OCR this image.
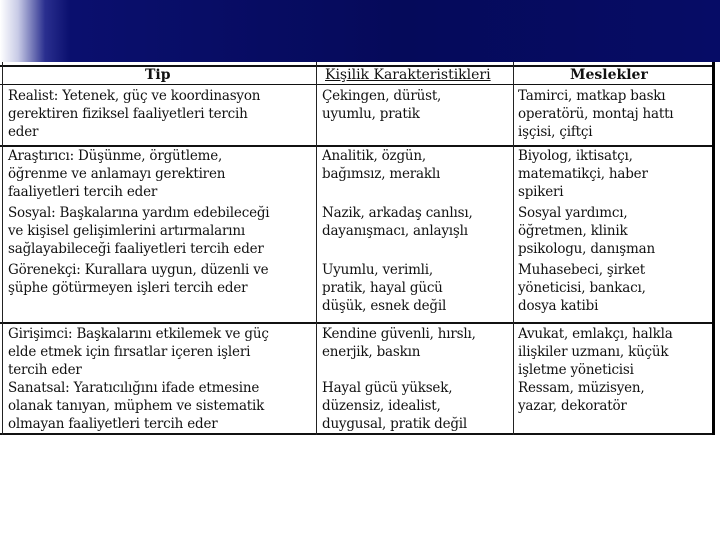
Tip	Kişilik Karakteristikleri	Meslekler
Realist: Yetenek, güç ve koordinasyon
gerektiren fiziksel faaliyetleri tercih
eder
Çekingen, dürüst,
uyumlu, pratik
Tamirci, matkap baskı
operatörü, montaj hattı
işçisi, çiftçi
Araştırıcı: Düşünme, örgütleme,
öğrenme ve anlamayı gerektiren
faaliyetleri tercih eder
Analitik, özgün,
bağımsız, meraklı
Biyolog, iktisatçı,
matematikçi, haber
spikeri
Sosyal: Başkalarına yardım edebileceği
ve kişisel gelişimlerini artırmalarını
sağlayabileceği faaliyetleri tercih eder
Nazik, arkadaş canlısı,
dayanışmacı, anlayışlı
Sosyal yardımcı,
öğretmen, klinik
psikologu, danışman
Görenekçi: Kurallara uygun, düzenli ve
şüphe götürmeyen işleri tercih eder
Uyumlu, verimli,
pratik, hayal gücü
düşük, esnek değil
Muhasebeci, şirket
yöneticisi, bankacı,
dosya katibi
Girişimci: Başkalarını etkilemek ve güç
elde etmek için fırsatlar içeren işleri
tercih eder
Kendine güvenli, hırslı,
enerjik, baskın
Avukat, emlakçı, halkla
ilişkiler uzmanı, küçük
işletme yöneticisi
Sanatsal: Yaratıcılığını ifade etmesine
olanak tanıyan, müphem ve sistematik
olmayan faaliyetleri tercih eder
Hayal gücü yüksek,
düzensiz, idealist,
duygusal, pratik değil
Ressam, müzisyen,
yazar, dekoratör
